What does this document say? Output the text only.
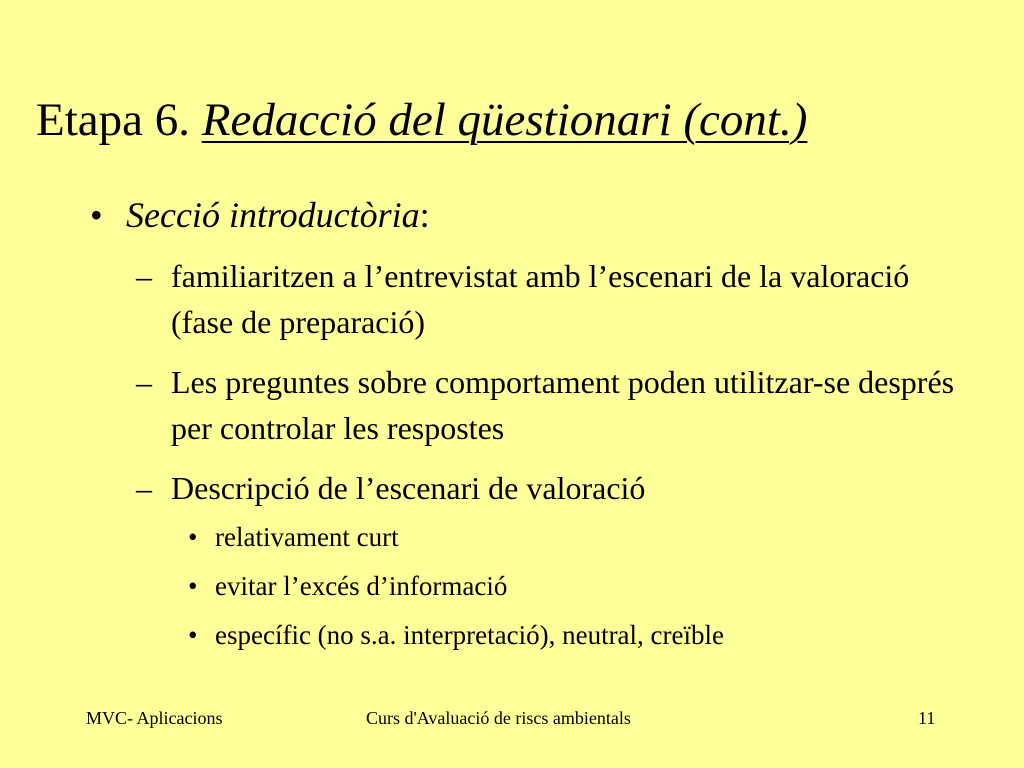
Etapa 6. Redacció del qüestionari (cont.)
• Secció introductòria:
– familiaritzen a l’entrevistat amb l’escenari de la valoració (fase de preparació)
– Les preguntes sobre comportament poden utilitzar-se després per controlar les respostes
– Descripció de l’escenari de valoració
• relativament curt
• evitar l’excés d’informació
• específic (no s.a. interpretació), neutral, creïble
MVC- Aplicacions	Curs d'Avaluació de riscs ambientals	11
